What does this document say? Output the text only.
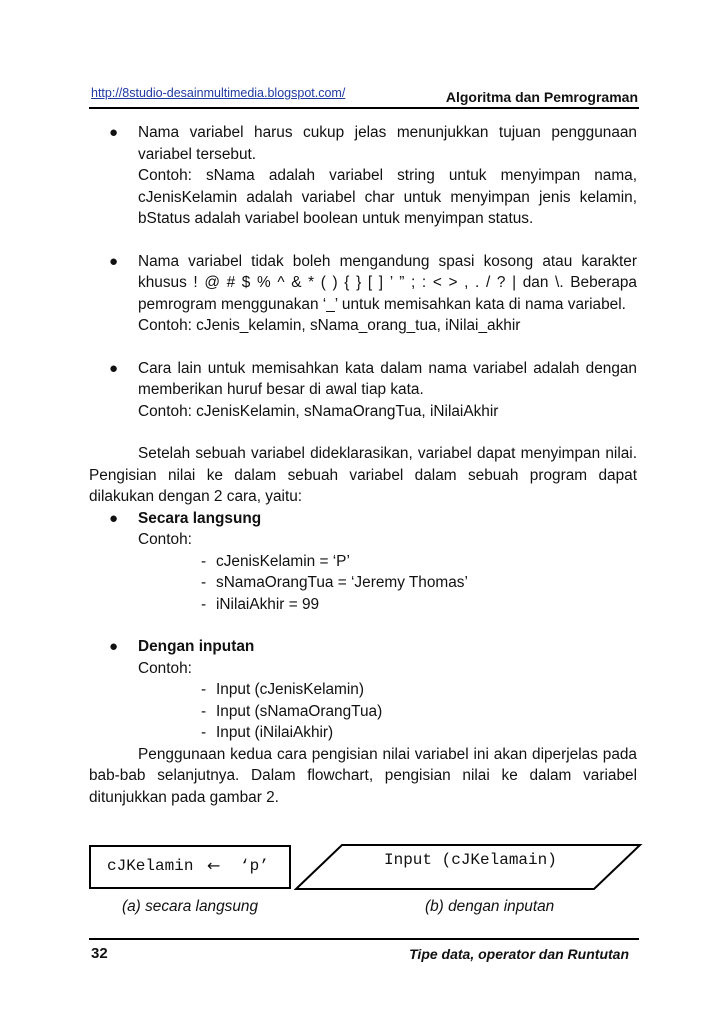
http://8studio-desainmultimedia.blogspot.com/	Algoritma dan Pemrograman
● Nama variabel harus cukup jelas menunjukkan tujuan penggunaan variabel tersebut.

Contoh: sNama adalah variabel string untuk menyimpan nama, cJenisKelamin adalah variabel char untuk menyimpan jenis kelamin, bStatus adalah variabel boolean untuk menyimpan status.

● Nama variabel tidak boleh mengandung spasi kosong atau karakter khusus ! @ # $ % ^ & * ( ) { } [ ] ’ ” ; : < > , . / ? | dan \. Beberapa pemrogram menggunakan ‘_’ untuk memisahkan kata di nama variabel.

Contoh: cJenis_kelamin, sNama_orang_tua, iNilai_akhir

● Cara lain untuk memisahkan kata dalam nama variabel adalah dengan memberikan huruf besar di awal tiap kata.

Contoh: cJenisKelamin, sNamaOrangTua, iNilaiAkhir

Setelah sebuah variabel dideklarasikan, variabel dapat menyimpan nilai. Pengisian nilai ke dalam sebuah variabel dalam sebuah program dapat dilakukan dengan 2 cara, yaitu:

● Secara langsung

Contoh:

- cJenisKelamin = ‘P’
- sNamaOrangTua = ‘Jeremy Thomas’
- iNilaiAkhir = 99
● Dengan inputan

Contoh:

- Input (cJenisKelamin)
- Input (sNamaOrangTua)
- Input (iNilaiAkhir)

Penggunaan kedua cara pengisian nilai variabel ini akan diperjelas pada bab-bab selanjutnya. Dalam flowchart, pengisian nilai ke dalam variabel ditunjukkan pada gambar 2.

cJKelamin ← ‘p’	Input (cJKelamain)
(a) secara langsung	(b) dengan inputan
32	Tipe data, operator dan Runtutan
